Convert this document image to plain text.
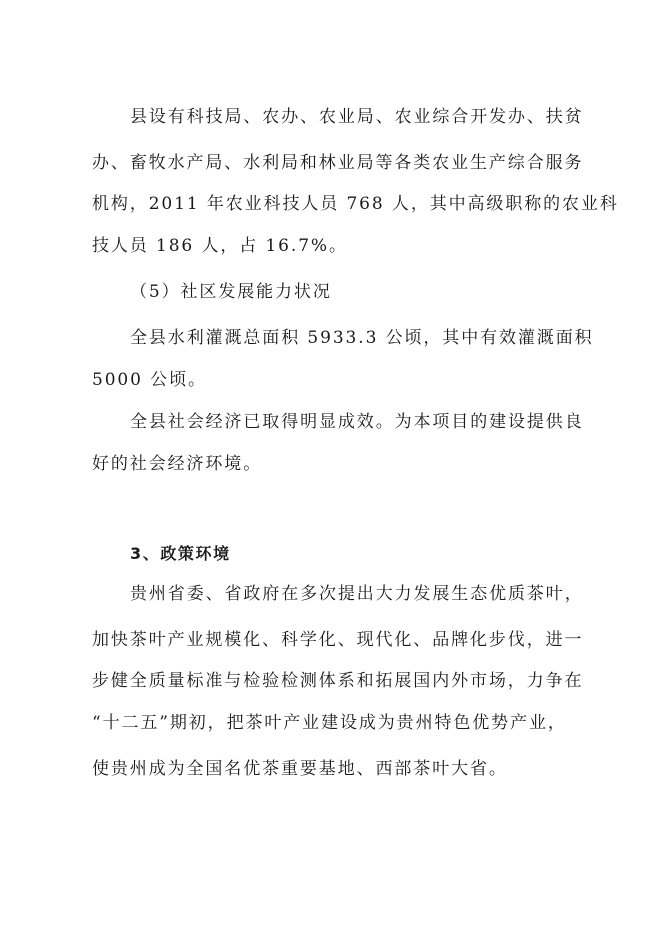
县设有科技局、农办、农业局、农业综合开发办、扶贫
办、畜牧水产局、水利局和林业局等各类农业生产综合服务
机构，2011 年农业科技人员 768 人，其中高级职称的农业科
技人员 186 人，占 16.7%。
（5）社区发展能力状况
全县水利灌溉总面积 5933.3 公顷，其中有效灌溉面积
5000 公顷。
全县社会经济已取得明显成效。为本项目的建设提供良
好的社会经济环境。
3、政策环境
贵州省委、省政府在多次提出大力发展生态优质茶叶，
加快茶叶产业规模化、科学化、现代化、品牌化步伐，进一
步健全质量标准与检验检测体系和拓展国内外市场，力争在
“十二五”期初，把茶叶产业建设成为贵州特色优势产业，
使贵州成为全国名优茶重要基地、西部茶叶大省。
